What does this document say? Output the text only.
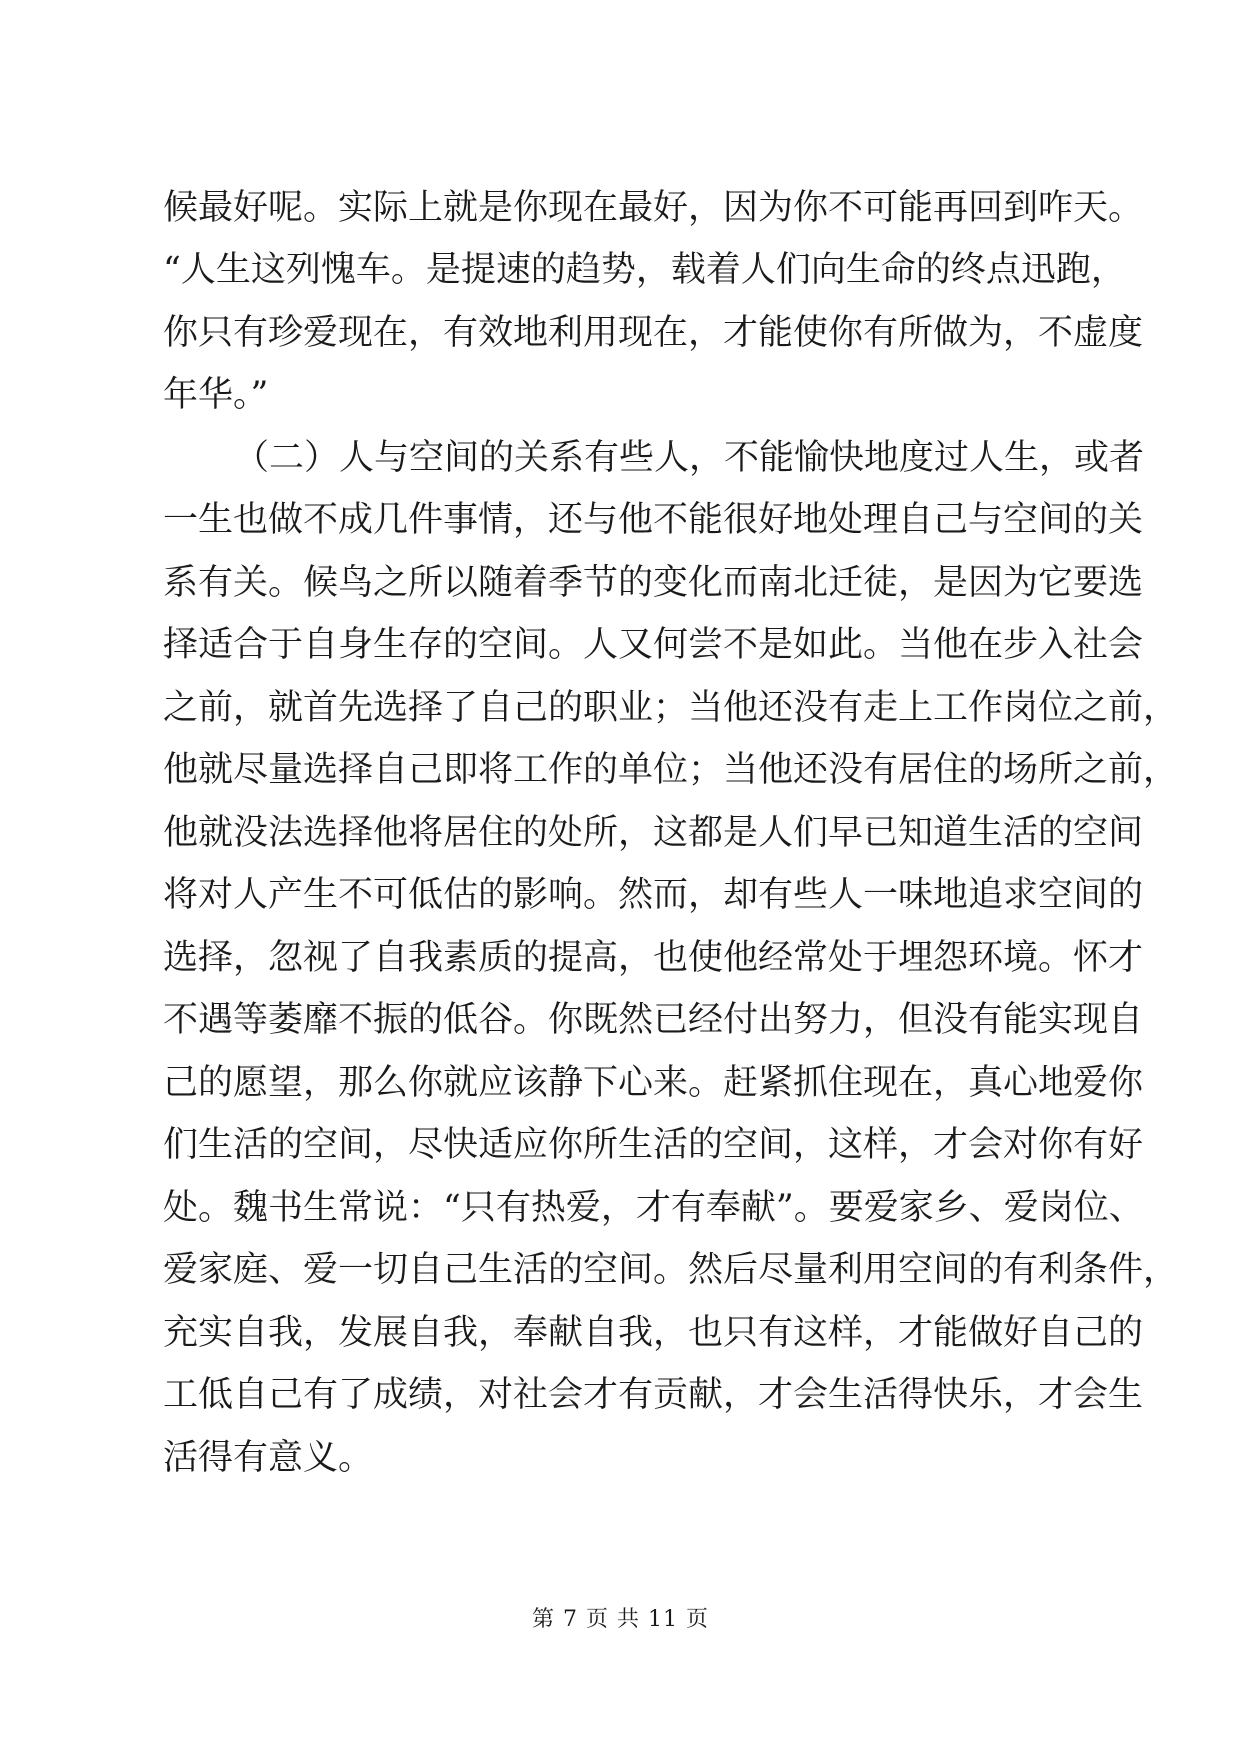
候最好呢。实际上就是你现在最好，因为你不可能再回到咋天。
“人生这列愧车。是提速的趋势，载着人们向生命的终点迅跑，
你只有珍爱现在，有效地利用现在，才能使你有所做为，不虚度
年华。”
（二）人与空间的关系有些人，不能愉快地度过人生，或者
一生也做不成几件事情，还与他不能很好地处理自己与空间的关
系有关。候鸟之所以随着季节的变化而南北迁徒，是因为它要选
择适合于自身生存的空间。人又何尝不是如此。当他在步入社会
之前，就首先选择了自己的职业；当他还没有走上工作岗位之前，
他就尽量选择自己即将工作的单位；当他还没有居住的场所之前，
他就没法选择他将居住的处所，这都是人们早已知道生活的空间
将对人产生不可低估的影响。然而，却有些人一味地追求空间的
选择，忽视了自我素质的提高，也使他经常处于埋怨环境。怀才
不遇等萎靡不振的低谷。你既然已经付出努力，但没有能实现自
己的愿望，那么你就应该静下心来。赶紧抓住现在，真心地爱你
们生活的空间，尽快适应你所生活的空间，这样，才会对你有好
处。魏书生常说：“只有热爱，才有奉献”。要爱家乡、爱岗位、
爱家庭、爱一切自己生活的空间。然后尽量利用空间的有利条件，
充实自我，发展自我，奉献自我，也只有这样，才能做好自己的
工低自己有了成绩，对社会才有贡献，才会生活得快乐，才会生
活得有意义。
第 7 页 共 11 页
